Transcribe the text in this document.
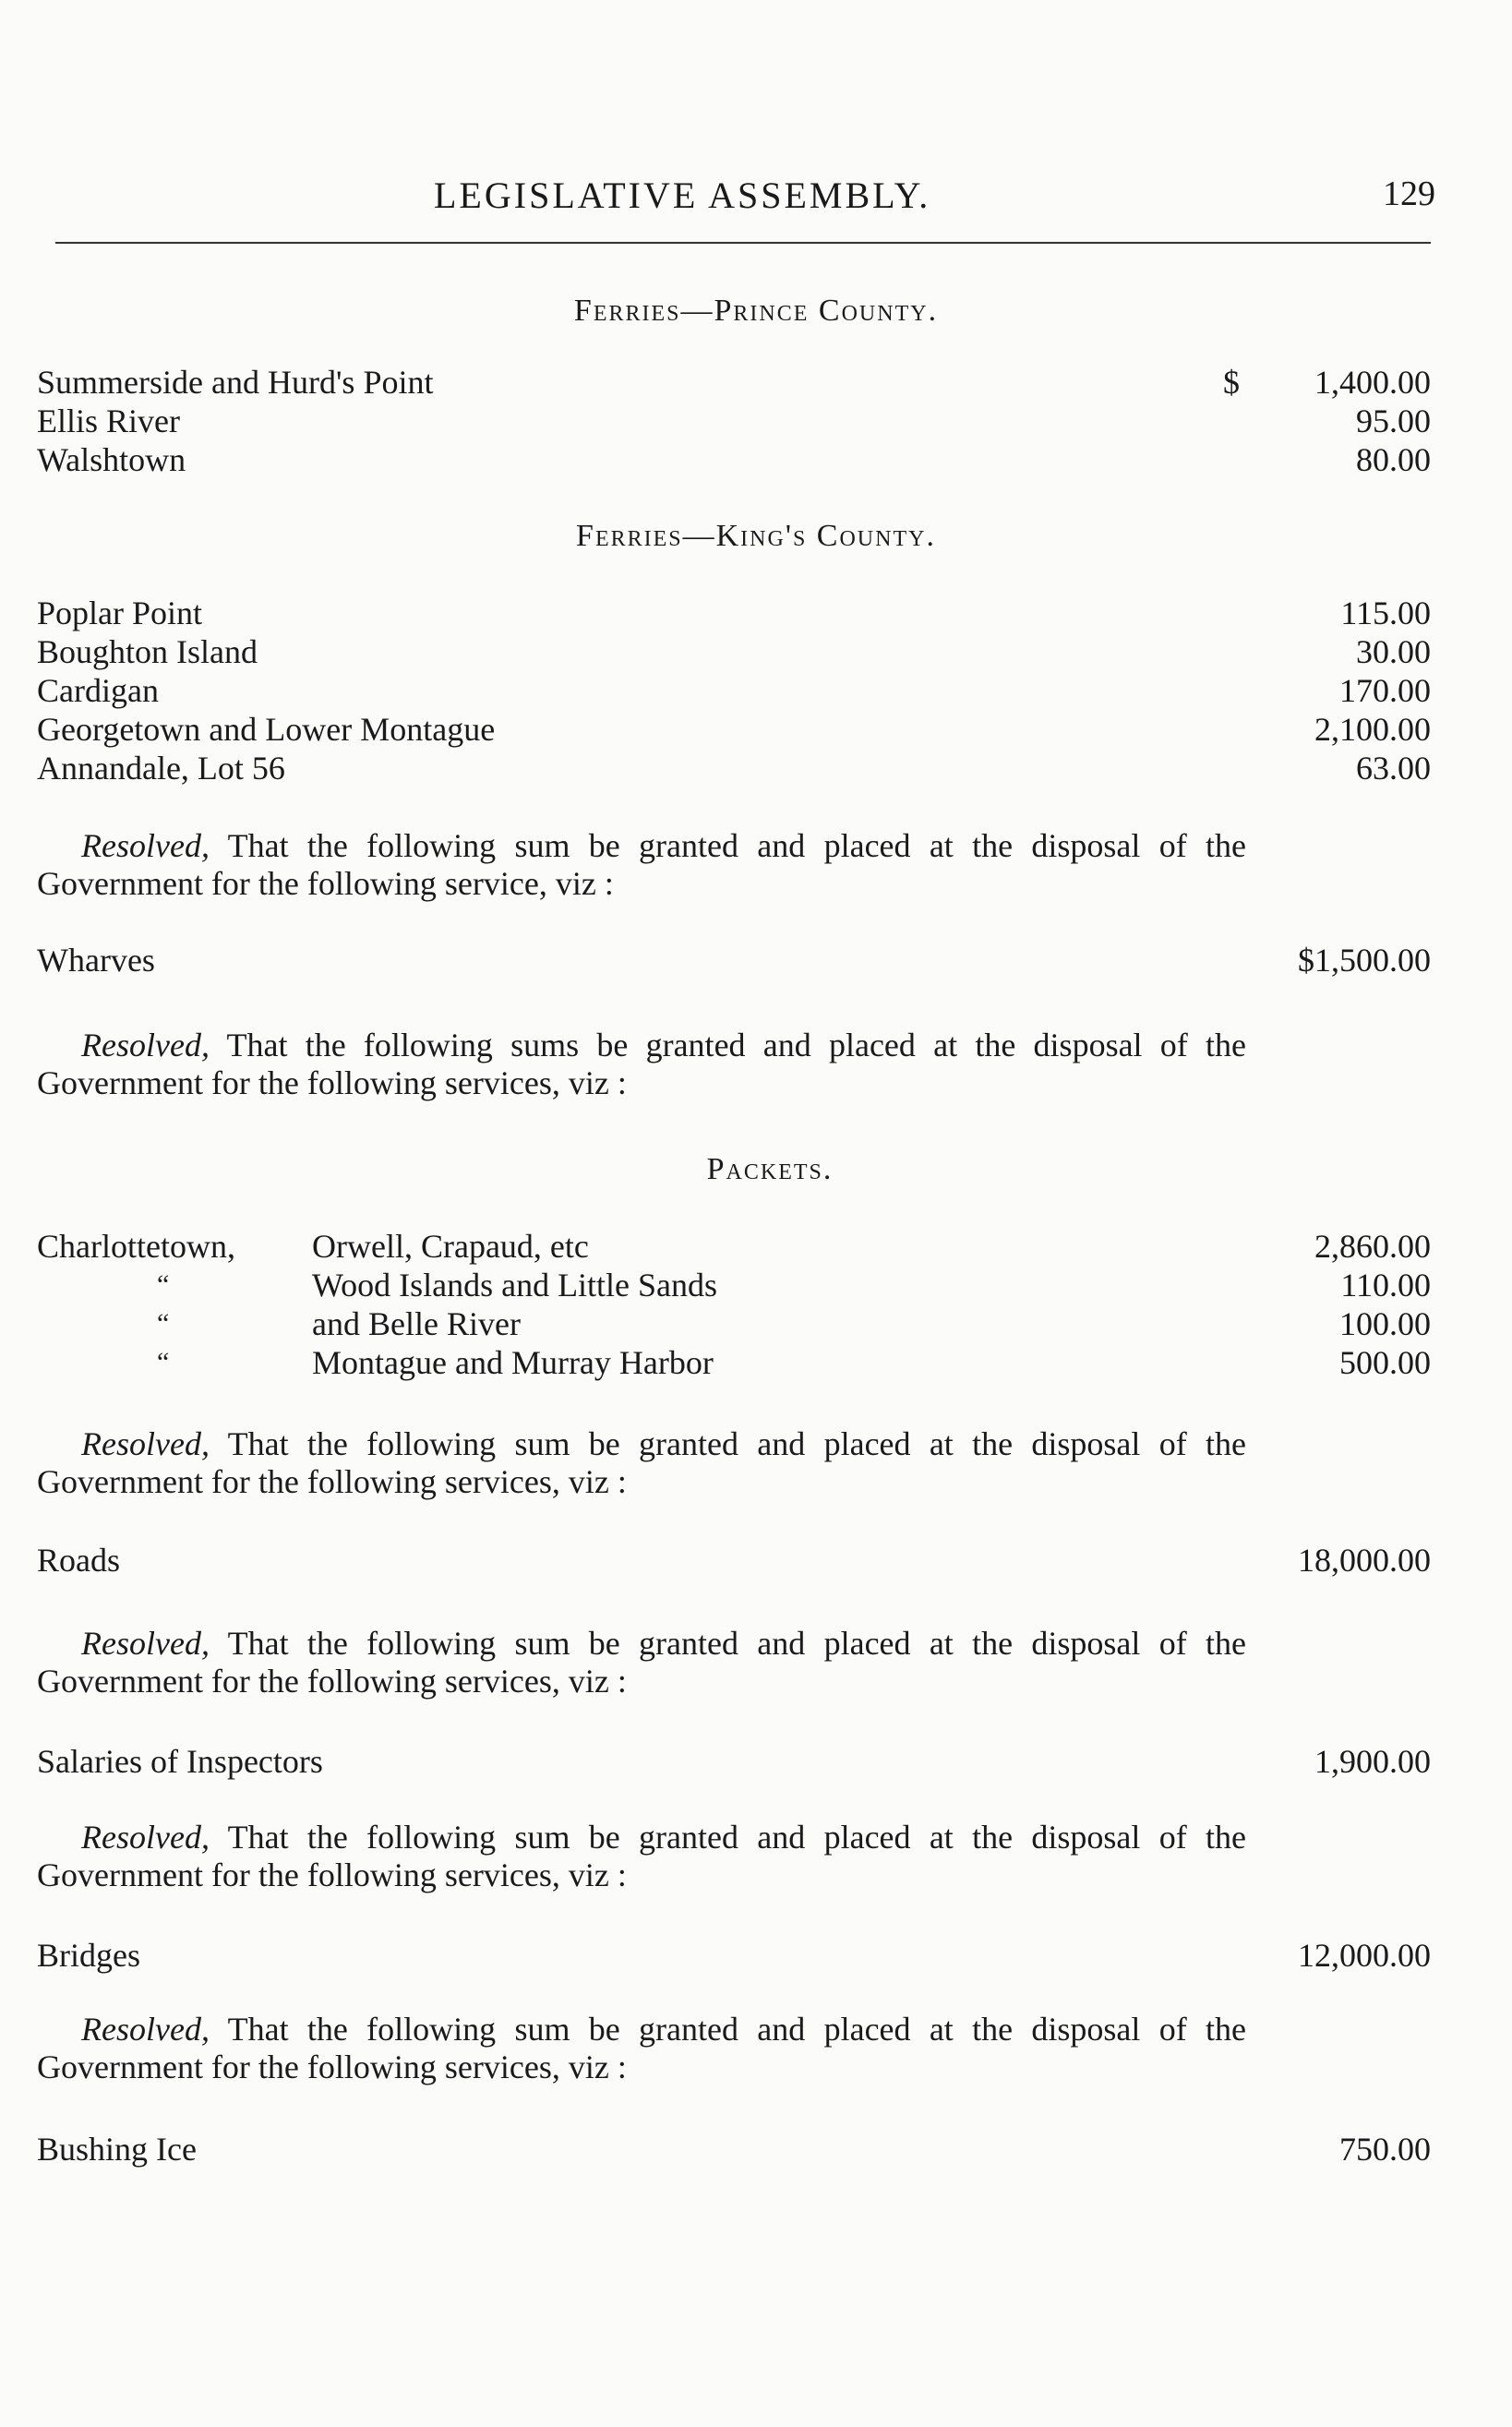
LEGISLATIVE ASSEMBLY.	129
Ferries—Prince County.
Summerside and Hurd's Point	$ 1,400.00
Ellis River	95.00
Walshtown	80.00
Ferries—King's County.
Poplar Point	115.00
Boughton Island	30.00
Cardigan	170.00
Georgetown and Lower Montague	2,100.00
Annandale, Lot 56	63.00
Resolved, That the following sum be granted and placed at the disposal of the Government for the following service, viz :
Wharves	$1,500.00
Resolved, That the following sums be granted and placed at the disposal of the Government for the following services, viz :
Packets.
Charlottetown, Orwell, Crapaud, etc	2,860.00
“	Wood Islands and Little Sands	110.00
“	and Belle River	100.00
“	Montague and Murray Harbor	500.00
Resolved, That the following sum be granted and placed at the disposal of the Government for the following services, viz :
Roads	18,000.00
Resolved, That the following sum be granted and placed at the disposal of the Government for the following services, viz :
Salaries of Inspectors	1,900.00
Resolved, That the following sum be granted and placed at the disposal of the Government for the following services, viz :
Bridges	12,000.00
Resolved, That the following sum be granted and placed at the disposal of the Government for the following services, viz :
Bushing Ice	750.00
